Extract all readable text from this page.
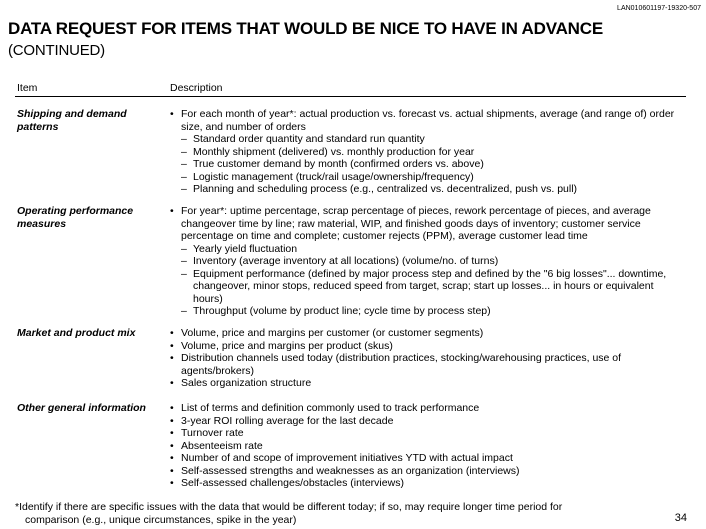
LAN010601197-19320-507
DATA REQUEST FOR ITEMS THAT WOULD BE NICE TO HAVE IN ADVANCE (CONTINUED)
Item	Description
Shipping and demand patterns
• For each month of year*: actual production vs. forecast vs. actual shipments, average (and range of) order size, and number of orders
– Standard order quantity and standard run quantity
– Monthly shipment (delivered) vs. monthly production for year
– True customer demand by month (confirmed orders vs. above)
– Logistic management (truck/rail usage/ownership/frequency)
– Planning and scheduling process (e.g., centralized vs. decentralized, push vs. pull)
Operating performance measures
• For year*: uptime percentage, scrap percentage of pieces, rework percentage of pieces, and average changeover time by line; raw material, WIP, and finished goods days of inventory; customer service percentage on time and complete; customer rejects (PPM), average customer lead time
– Yearly yield fluctuation
– Inventory (average inventory at all locations) (volume/no. of turns)
– Equipment performance (defined by major process step and defined by the "6 big losses"... downtime, changeover, minor stops, reduced speed from target, scrap; start up losses... in hours or equivalent hours)
– Throughput (volume by product line; cycle time by process step)
Market and product mix	• Volume, price and margins per customer (or customer segments)
• Volume, price and margins per product (skus)
• Distribution channels used today (distribution practices, stocking/warehousing practices, use of agents/brokers)
• Sales organization structure
Other general information	• List of terms and definition commonly used to track performance
• 3-year ROI rolling average for the last decade
• Turnover rate
• Absenteeism rate
• Number of and scope of improvement initiatives YTD with actual impact
• Self-assessed strengths and weaknesses as an organization (interviews)
• Self-assessed challenges/obstacles (interviews)
*Identify if there are specific issues with the data that would be different today; if so, may require longer time period for
comparison (e.g., unique circumstances, spike in the year)	34
